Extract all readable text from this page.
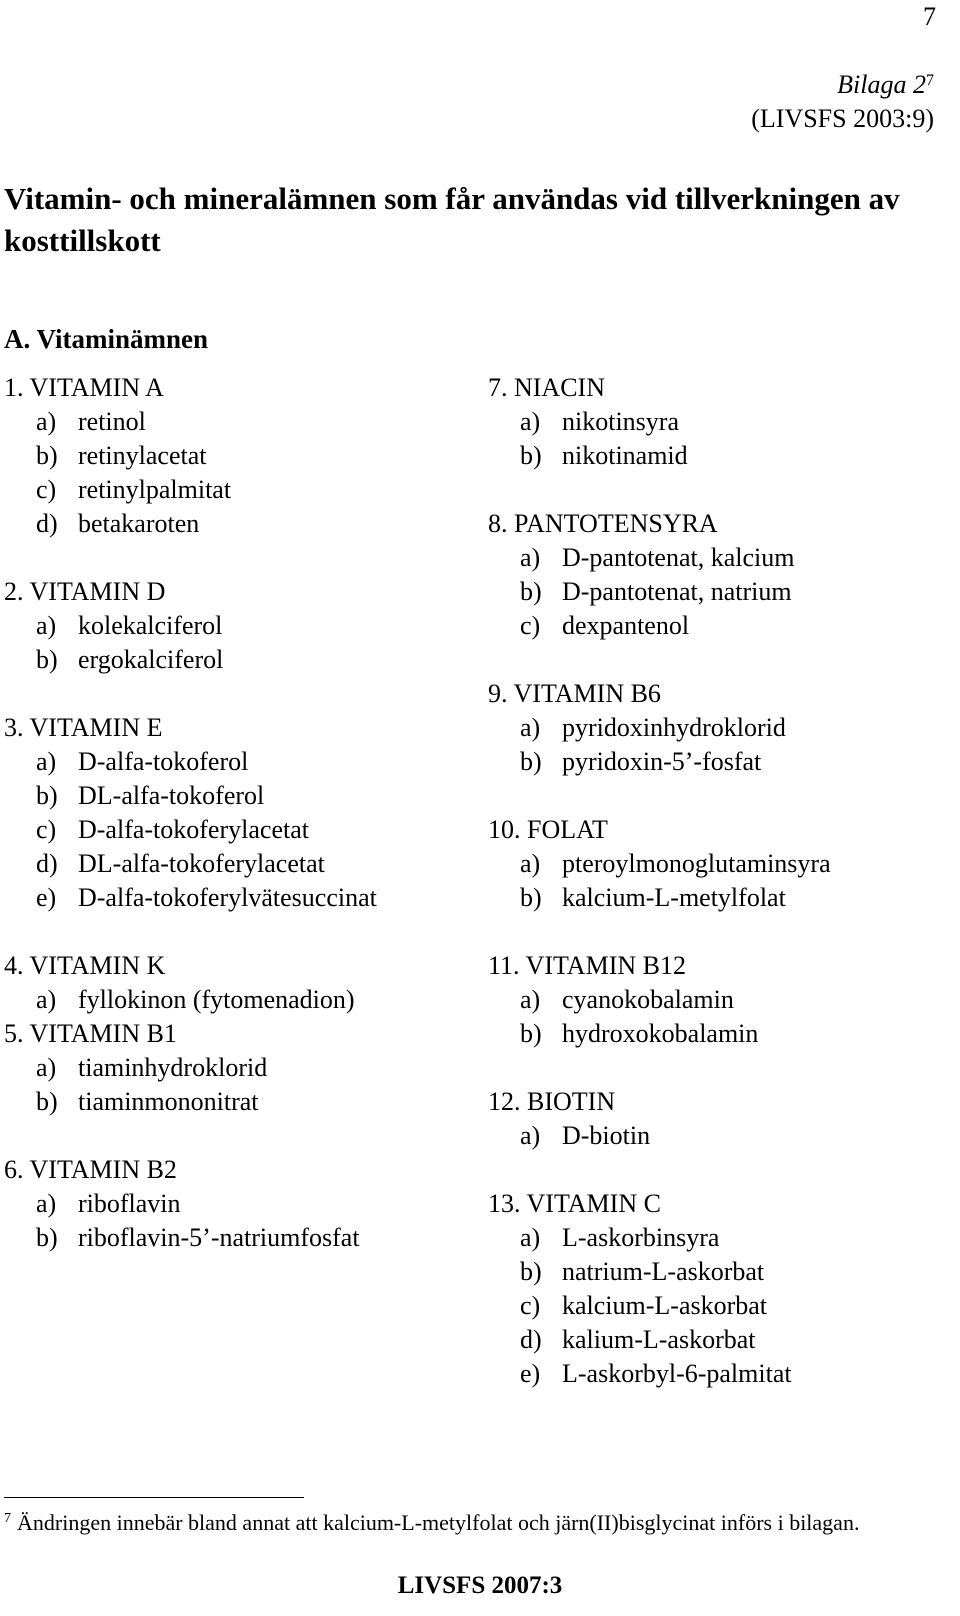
7
Bilaga $2^7$
(LIVSFS 2003:9)
Vitamin- och mineralämnen som får användas vid tillverkningen av kosttillskott
A. Vitaminämnen
1. VITAMIN A
a) retinol
b) retinylacetat
c) retinylpalmitat
d) betakaroten
2. VITAMIN D
a) kolekalciferol
b) ergokalciferol
3. VITAMIN E
a) D-alfa-tokoferol
b) DL-alfa-tokoferol
c) D-alfa-tokoferylacetat
d) DL-alfa-tokoferylacetat
e) D-alfa-tokoferylvätesuccinat
4. VITAMIN K
a) fyllokinon (fytomenadion)
5. VITAMIN B1
a) tiaminhydroklorid
b) tiaminmononitrat
6. VITAMIN B2
a) riboflavin
b) riboflavin-5’-natriumfosfat
7. NIACIN
a) nikotinsyra
b) nikotinamid
8. PANTOTENSYRA
a) D-pantotenat, kalcium
b) D-pantotenat, natrium
c) dexpantenol
9. VITAMIN B6
a) pyridoxinhydroklorid
b) pyridoxin-5’-fosfat
10. FOLAT
a) pteroylmonoglutaminsyra
b) kalcium-L-metylfolat
11. VITAMIN B12
a) cyanokobalamin
b) hydroxokobalamin
12. BIOTIN
a) D-biotin
13. VITAMIN C
a) L-askorbinsyra
b) natrium-L-askorbat
c) kalcium-L-askorbat
d) kalium-L-askorbat
e) L-askorbyl-6-palmitat
$^7$ Ändringen innebär bland annat att kalcium-L-metylfolat och järn(II)bisglycinat införs i bilagan.
LIVSFS 2007:3
